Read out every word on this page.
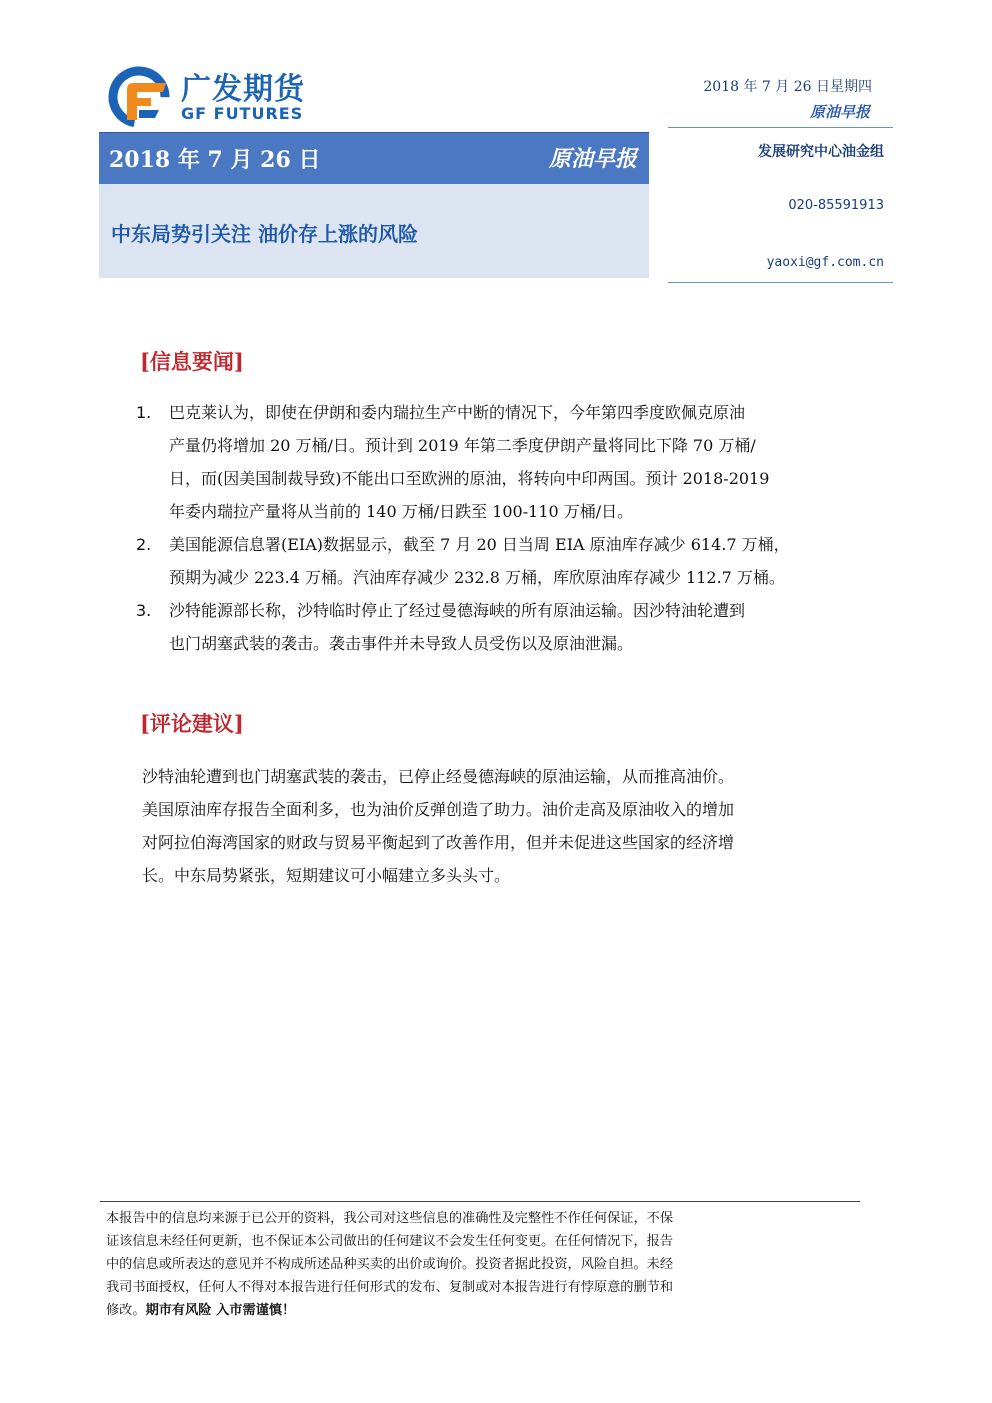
广发期货
GF FUTURES
2018 年 7 月 26 日	原油早报
中东局势引关注 油价存上涨的风险
2018 年 7 月 26 日星期四
原油早报
发展研究中心油金组
020-85591913
yaoxi@gf.com.cn
[信息要闻]
1. 巴克莱认为，即使在伊朗和委内瑞拉生产中断的情况下，今年第四季度欧佩克原油
产量仍将增加 20 万桶/日。预计到 2019 年第二季度伊朗产量将同比下降 70 万桶/
日，而(因美国制裁导致)不能出口至欧洲的原油，将转向中印两国。预计 2018-2019
年委内瑞拉产量将从当前的 140 万桶/日跌至 100-110 万桶/日。
2. 美国能源信息署(EIA)数据显示，截至 7 月 20 日当周 EIA 原油库存减少 614.7 万桶，
预期为减少 223.4 万桶。汽油库存减少 232.8 万桶，库欣原油库存减少 112.7 万桶。
3. 沙特能源部长称，沙特临时停止了经过曼德海峡的所有原油运输。因沙特油轮遭到
也门胡塞武装的袭击。袭击事件并未导致人员受伤以及原油泄漏。
[评论建议]
沙特油轮遭到也门胡塞武装的袭击，已停止经曼德海峡的原油运输，从而推高油价。
美国原油库存报告全面利多，也为油价反弹创造了助力。油价走高及原油收入的增加
对阿拉伯海湾国家的财政与贸易平衡起到了改善作用，但并未促进这些国家的经济增
长。中东局势紧张，短期建议可小幅建立多头头寸。
本报告中的信息均来源于已公开的资料，我公司对这些信息的准确性及完整性不作任何保证，不保
证该信息未经任何更新，也不保证本公司做出的任何建议不会发生任何变更。在任何情况下，报告
中的信息或所表达的意见并不构成所述品种买卖的出价或询价。投资者据此投资，风险自担。未经
我司书面授权，任何人不得对本报告进行任何形式的发布、复制或对本报告进行有悖原意的删节和
修改。期市有风险 入市需谨慎！
